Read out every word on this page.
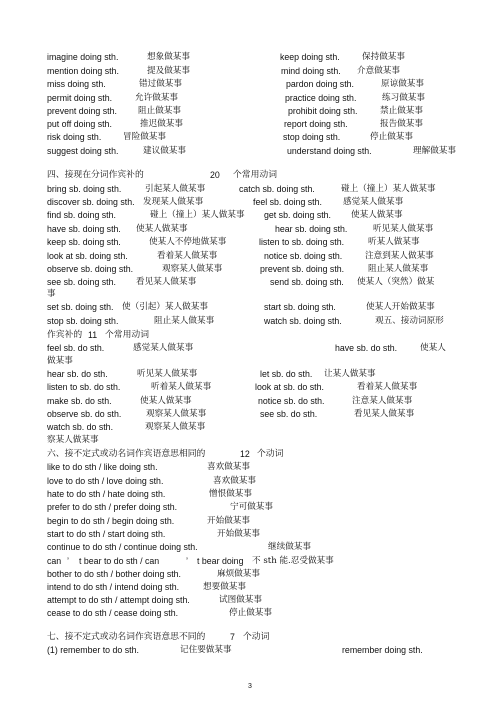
imagine doing sth.	想象做某事	keep doing sth.	保持做某事
mention doing sth.	提及做某事	mind doing sth. 介意做某事
miss doing sth.	错过做某事	pardon doing sth.	原谅做某事
permit doing sth.	允许做某事	practice doing sth.	练习做某事
prevent doing sth. 阻止做某事	prohibit doing sth.	禁止做某事
put off doing sth.	推迟做某事	report doing sth.	报告做某事
risk doing sth.	冒险做某事	stop doing sth.	停止做某事
suggest doing sth.	建议做某事	understand doing sth.	理解做某事
四、接现在分词作宾补的	20 个常用动词
bring sb. doing sth.	引起某人做某事	catch sb. doing sth.	碰上（撞上）某人做某事
discover sb. doing sth. 发现某人做某事	feel sb. doing sth. 感觉某人做某事
find sb. doing sth.	碰上（撞上）某人做某事 get sb. doing sth. 使某人做某事
have sb. doing sth. 使某人做某事	hear sb. doing sth.	听见某人做某事
keep sb. doing sth.	使某人不停地做某事	listen to sb. doing sth.	听某人做某事
look at sb. doing sth.	看着某人做某事	notice sb. doing sth.	注意到某人做某事
observe sb. doing sth.	观察某人做某事	prevent sb. doing sth.	阻止某人做某事
see sb. doing sth. 看见某人做某事	send sb. doing sth. 使某人（突然）做某
事
set sb. doing sth. 使（引起）某人做某事	start sb. doing sth.	使某人开始做某事
stop sb. doing sth.	阻止某人做某事	watch sb. doing sth.	观五、接动词原形
作宾补的 11 个常用动词
feel sb. do sth.	感觉某人做某事	have sb. do sth.	使某人
做某事
hear sb. do sth.	听见某人做某事	let sb. do sth. 让某人做某事
listen to sb. do sth.	听着某人做某事	look at sb. do sth.	看着某人做某事
make sb. do sth.	使某人做某事	notice sb. do sth.	注意某人做某事
observe sb. do sth.	观察某人做某事	see sb. do sth.	看见某人做某事
watch sb. do sth.	观察某人做某事
察某人做某事
六、接不定式或动名词作宾语意思相同的	12 个动词
like to do sth / like doing sth.	喜欢做某事
love to do sth / love doing sth.	喜欢做某事
hate to do sth / hate doing sth.	憎恨做某事
prefer to do sth / prefer doing sth.	宁可做某事
begin to do sth / begin doing sth.	开始做某事
start to do sth / start doing sth.	开始做某事
continue to do sth / continue doing sth.	继续做某事
can ’ t bear to do sth / can	’ t bear doing 不 sth 能.忍受做某事
bother to do sth / bother doing sth.	麻烦做某事
intend to do sth / intend doing sth.	想要做某事
attempt to do sth / attempt doing sth.	试图做某事
cease to do sth / cease doing sth.	停止做某事
七、接不定式或动名词作宾语意思不同的	7 个动词
(1) remember to do sth.	记住要做某事	remember doing sth.
3
